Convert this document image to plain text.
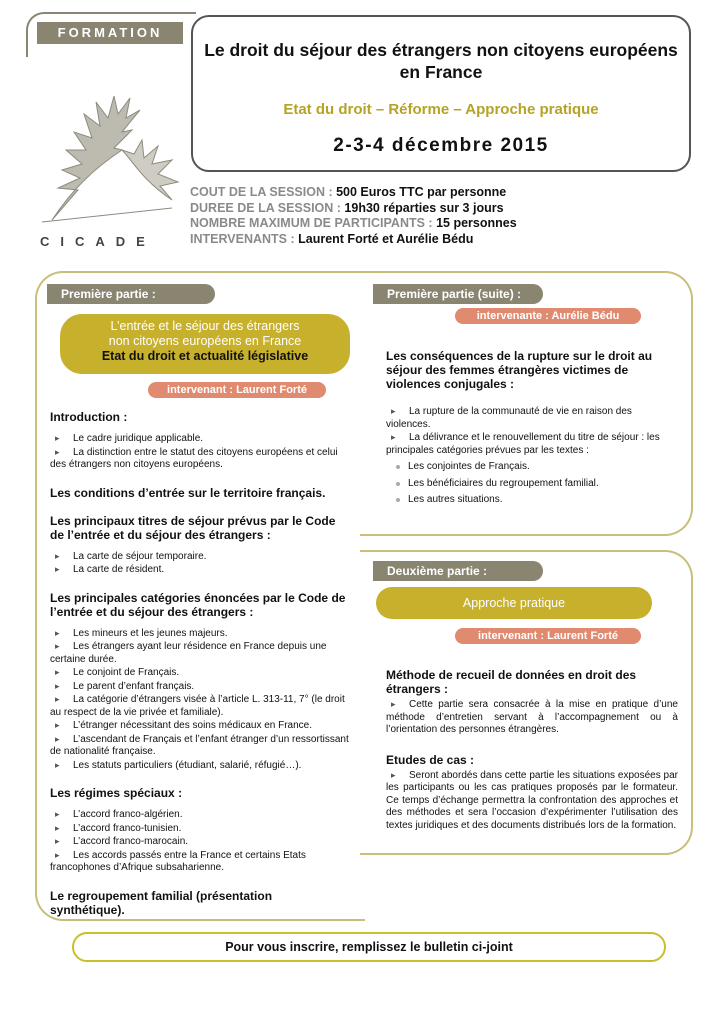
FORMATION
Le droit du séjour des étrangers non citoyens européens en France
Etat du droit – Réforme – Approche pratique
2-3-4 décembre 2015
CICADE
COUT DE LA SESSION : 500 Euros TTC par personne
DUREE DE LA SESSION : 19h30 réparties sur 3 jours
NOMBRE MAXIMUM DE PARTICIPANTS : 15 personnes
INTERVENANTS : Laurent Forté et Aurélie Bédu
Première partie :
L’entrée et le séjour des étrangers
non citoyens européens en France
Etat du droit et actualité législative
intervenant : Laurent Forté
Introduction :
▸ Le cadre juridique applicable.
▸ La distinction entre le statut des citoyens européens et celui des étrangers non citoyens européens.
Les conditions d’entrée sur le territoire français.
Les principaux titres de séjour prévus par le Code de l’entrée et du séjour des étrangers :
▸ La carte de séjour temporaire.
▸ La carte de résident.
Les principales catégories énoncées par le Code de l’entrée et du séjour des étrangers :
▸ Les mineurs et les jeunes majeurs.
▸ Les étrangers ayant leur résidence en France depuis une certaine durée.
▸ Le conjoint de Français.
▸ Le parent d’enfant français.
▸ La catégorie d’étrangers visée à l’article L. 313-11, 7° (le droit au respect de la vie privée et familiale).
▸ L’étranger nécessitant des soins médicaux en France.
▸ L’ascendant de Français et l’enfant étranger d’un ressortissant de nationalité française.
▸ Les statuts particuliers (étudiant, salarié, réfugié…).
Les régimes spéciaux :
▸ L’accord franco-algérien.
▸ L’accord franco-tunisien.
▸ L’accord franco-marocain.
▸ Les accords passés entre la France et certains Etats francophones d’Afrique subsaharienne.
Le regroupement familial (présentation synthétique).
Première partie (suite) :
intervenante : Aurélie Bédu
Les conséquences de la rupture sur le droit au séjour des femmes étrangères victimes de violences conjugales :
▸ La rupture de la communauté de vie en raison des violences.
▸ La délivrance et le renouvellement du titre de séjour : les principales catégories prévues par les textes :
Les conjointes de Français.
Les bénéficiaires du regroupement familial.
Les autres situations.
Deuxième partie :
Approche pratique
intervenant : Laurent Forté
Méthode de recueil de données en droit des étrangers :
▸ Cette partie sera consacrée à la mise en pratique d’une méthode d’entretien servant à l’accompagnement ou à l’orientation des personnes étrangères.
Etudes de cas :
▸ Seront abordés dans cette partie les situations exposées par les participants ou les cas pratiques proposés par le formateur. Ce temps d’échange permettra la confrontation des approches et des méthodes et sera l’occasion d’expérimenter l’utilisation des textes juridiques et des documents distribués lors de la formation.
Pour vous inscrire, remplissez le bulletin ci-joint
